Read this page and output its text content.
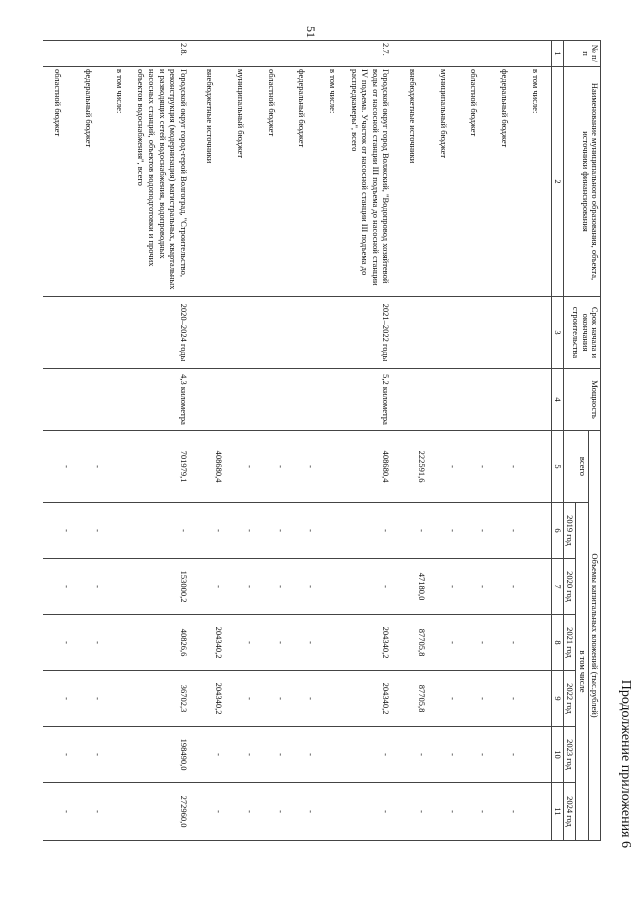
51
Продолжение приложения 6
№ п/п	Наименование муниципального образования, объекта, источники финансирования	Срок начала и окончания строительства	Мощность	Объемы капитальных вложений (тыс.рублей)						
				всего	в том числе					
					2019 год	2020 год	2021 год	2022 год	2023 год	2024 год
1	2	3	4	5	6	7	8	9	10	11
	в том числе:									
	федеральный бюджет			-	-	-	-	-	-	-
	областной бюджет			-	-	-	-	-	-	-
	муниципальный бюджет			-	-	-	-	-	-	-
	внебюджетные источники			222591,6	-	47180,0	87705,8	87705,8	-	-
2.7.	Городской округ город Волжский, "Водопровод хозяйтевой воды от насосной станции III подъема до насосной станции IV подъема. Участок от насосной станции III подъема до распредкамеры", всего	2021–2022 годы	5,2 километра	408680,4	-	-	204340,2	204340,2	-	-
	в том числе:									
	федеральный бюджет			-	-	-	-	-	-	-
	областной бюджет			-	-	-	-	-	-	-
	муниципальный бюджет			-	-	-	-	-	-	-
	внебюджетные источники			408680,4	-	-	204340,2	204340,2	-	-
2.8.	Городской округ город-герой Волгоград, "Строительство, реконструкция (модернизация) магистральных, квартальных и разводящих сетей водоснабжения, водопроводных насосных станций, объектов водоподготовки и прочих объектов водоснабжения", всего	2020–2024 годы	4,3 километра	701979,1	-	153000,2	40826,6	36702,3	198490,0	272960,0
	в том числе:									
	федеральный бюджет			-	-	-	-	-	-	-
	областной бюджет			-	-	-	-	-	-	-
